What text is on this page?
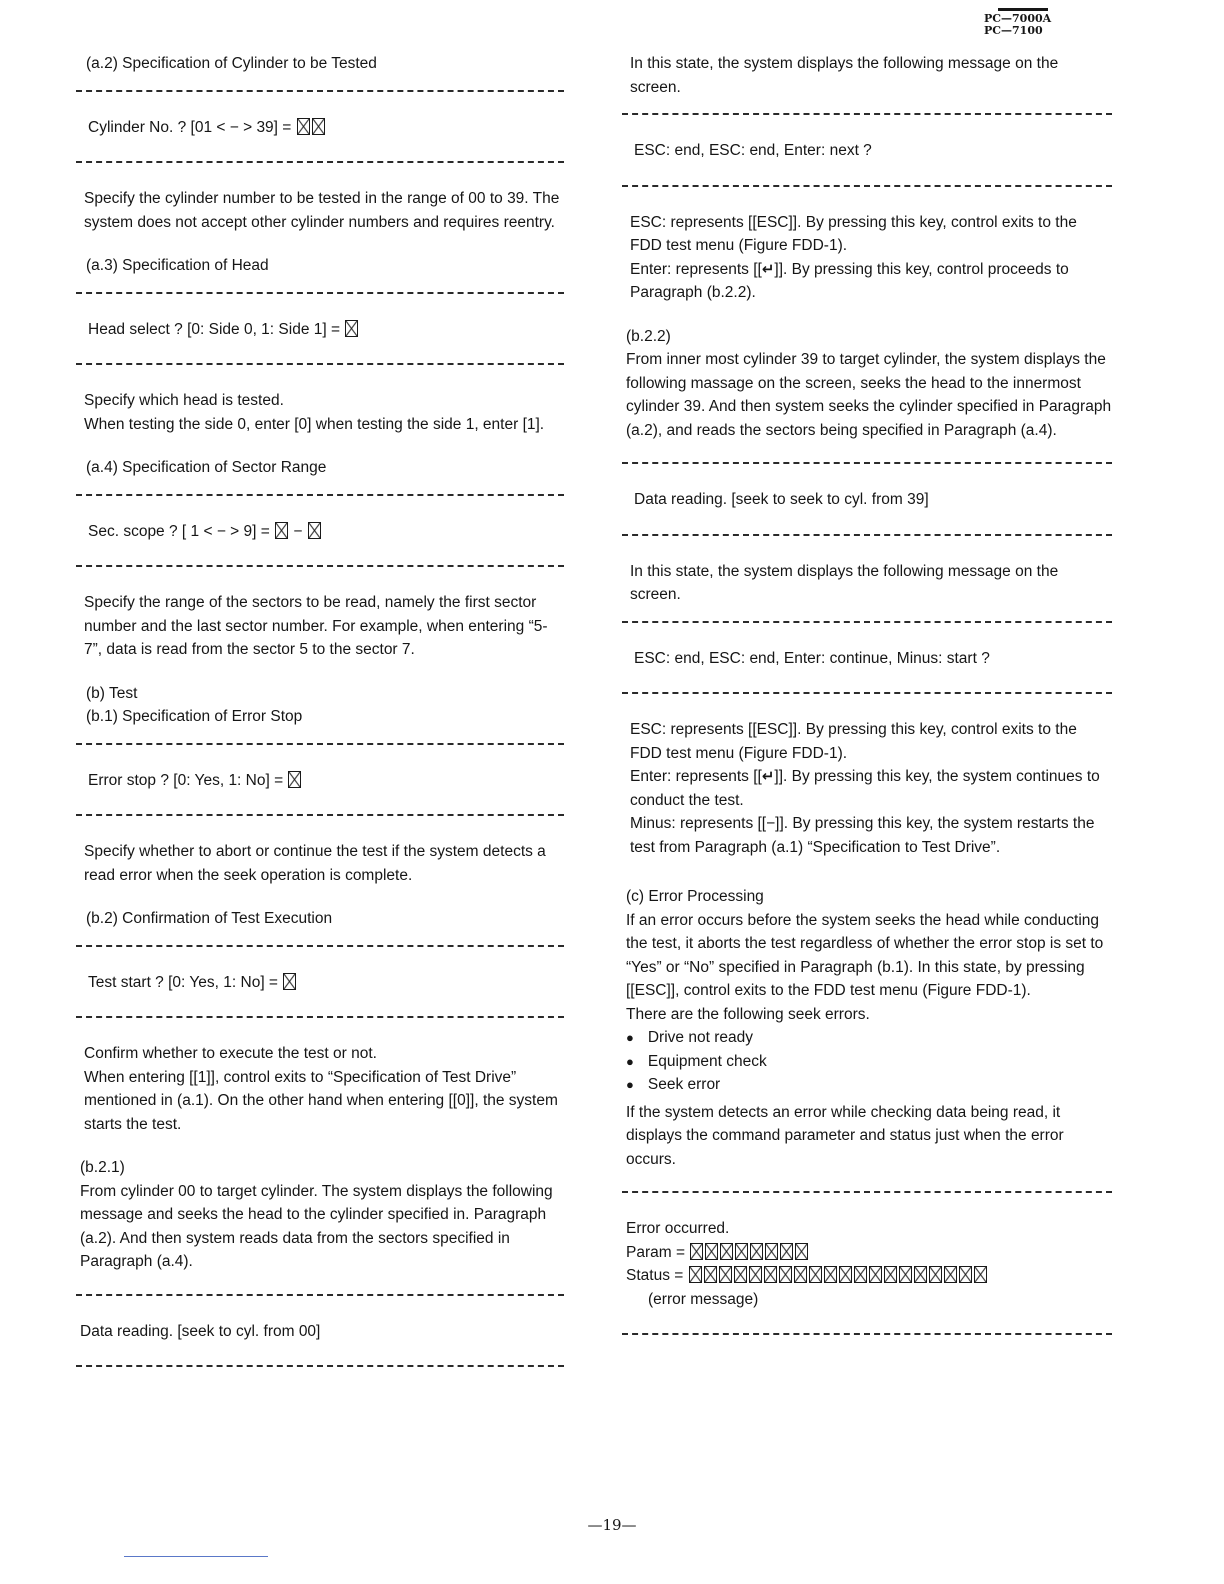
PC—7000A
PC—7100
(a.2) Specification of Cylinder to be Tested
Cylinder No. ? [01 < − > 39] =
Specify the cylinder number to be tested in the range of 00 to 39. The system does not accept other cylinder numbers and requires reentry.
(a.3) Specification of Head
Head select ? [0: Side 0, 1: Side 1] =
Specify which head is tested.
When testing the side 0, enter [0] when testing the side 1, enter [1].
(a.4) Specification of Sector Range
Sec. scope ? [ 1 < − > 9] =  −
Specify the range of the sectors to be read, namely the first sector number and the last sector number. For example, when entering “5-7”, data is read from the sector 5 to the sector 7.
(b) Test
(b.1) Specification of Error Stop
Error stop ? [0: Yes, 1: No] =
Specify whether to abort or continue the test if the system detects a read error when the seek operation is complete.
(b.2) Confirmation of Test Execution
Test start ? [0: Yes, 1: No] =
Confirm whether to execute the test or not.
When entering [[1]], control exits to “Specification of Test Drive” mentioned in (a.1). On the other hand when entering [[0]], the system starts the test.
(b.2.1)
From cylinder 00 to target cylinder. The system displays the following message and seeks the head to the cylinder specified in. Paragraph (a.2). And then system reads data from the sectors specified in Paragraph (a.4).
Data reading. [seek to cyl. from 00]
In this state, the system displays the following message on the screen.
ESC: end, ESC: end, Enter: next ?
ESC: represents [[ESC]]. By pressing this key, control exits to the FDD test menu (Figure FDD-1).
Enter: represents [[↵]]. By pressing this key, control proceeds to Paragraph (b.2.2).
(b.2.2)
From inner most cylinder 39 to target cylinder, the system displays the following massage on the screen, seeks the head to the innermost cylinder 39. And then system seeks the cylinder specified in Paragraph (a.2), and reads the sectors being specified in Paragraph (a.4).
Data reading. [seek to seek to cyl. from 39]
In this state, the system displays the following message on the screen.
ESC: end, ESC: end, Enter: continue, Minus: start ?
ESC: represents [[ESC]]. By pressing this key, control exits to the FDD test menu (Figure FDD-1).
Enter: represents [[↵]]. By pressing this key, the system continues to conduct the test.
Minus: represents [[−]]. By pressing this key, the system restarts the test from Paragraph (a.1) “Specification to Test Drive”.
(c) Error Processing
If an error occurs before the system seeks the head while conducting the test, it aborts the test regardless of whether the error stop is set to “Yes” or “No” specified in Paragraph (b.1). In this state, by pressing [[ESC]], control exits to the FDD test menu (Figure FDD-1).
There are the following seek errors.
● Drive not ready
● Equipment check
● Seek error
If the system detects an error while checking data being read, it displays the command parameter and status just when the error occurs.
Error occurred.
Param =
Status =
(error message)
—19—
